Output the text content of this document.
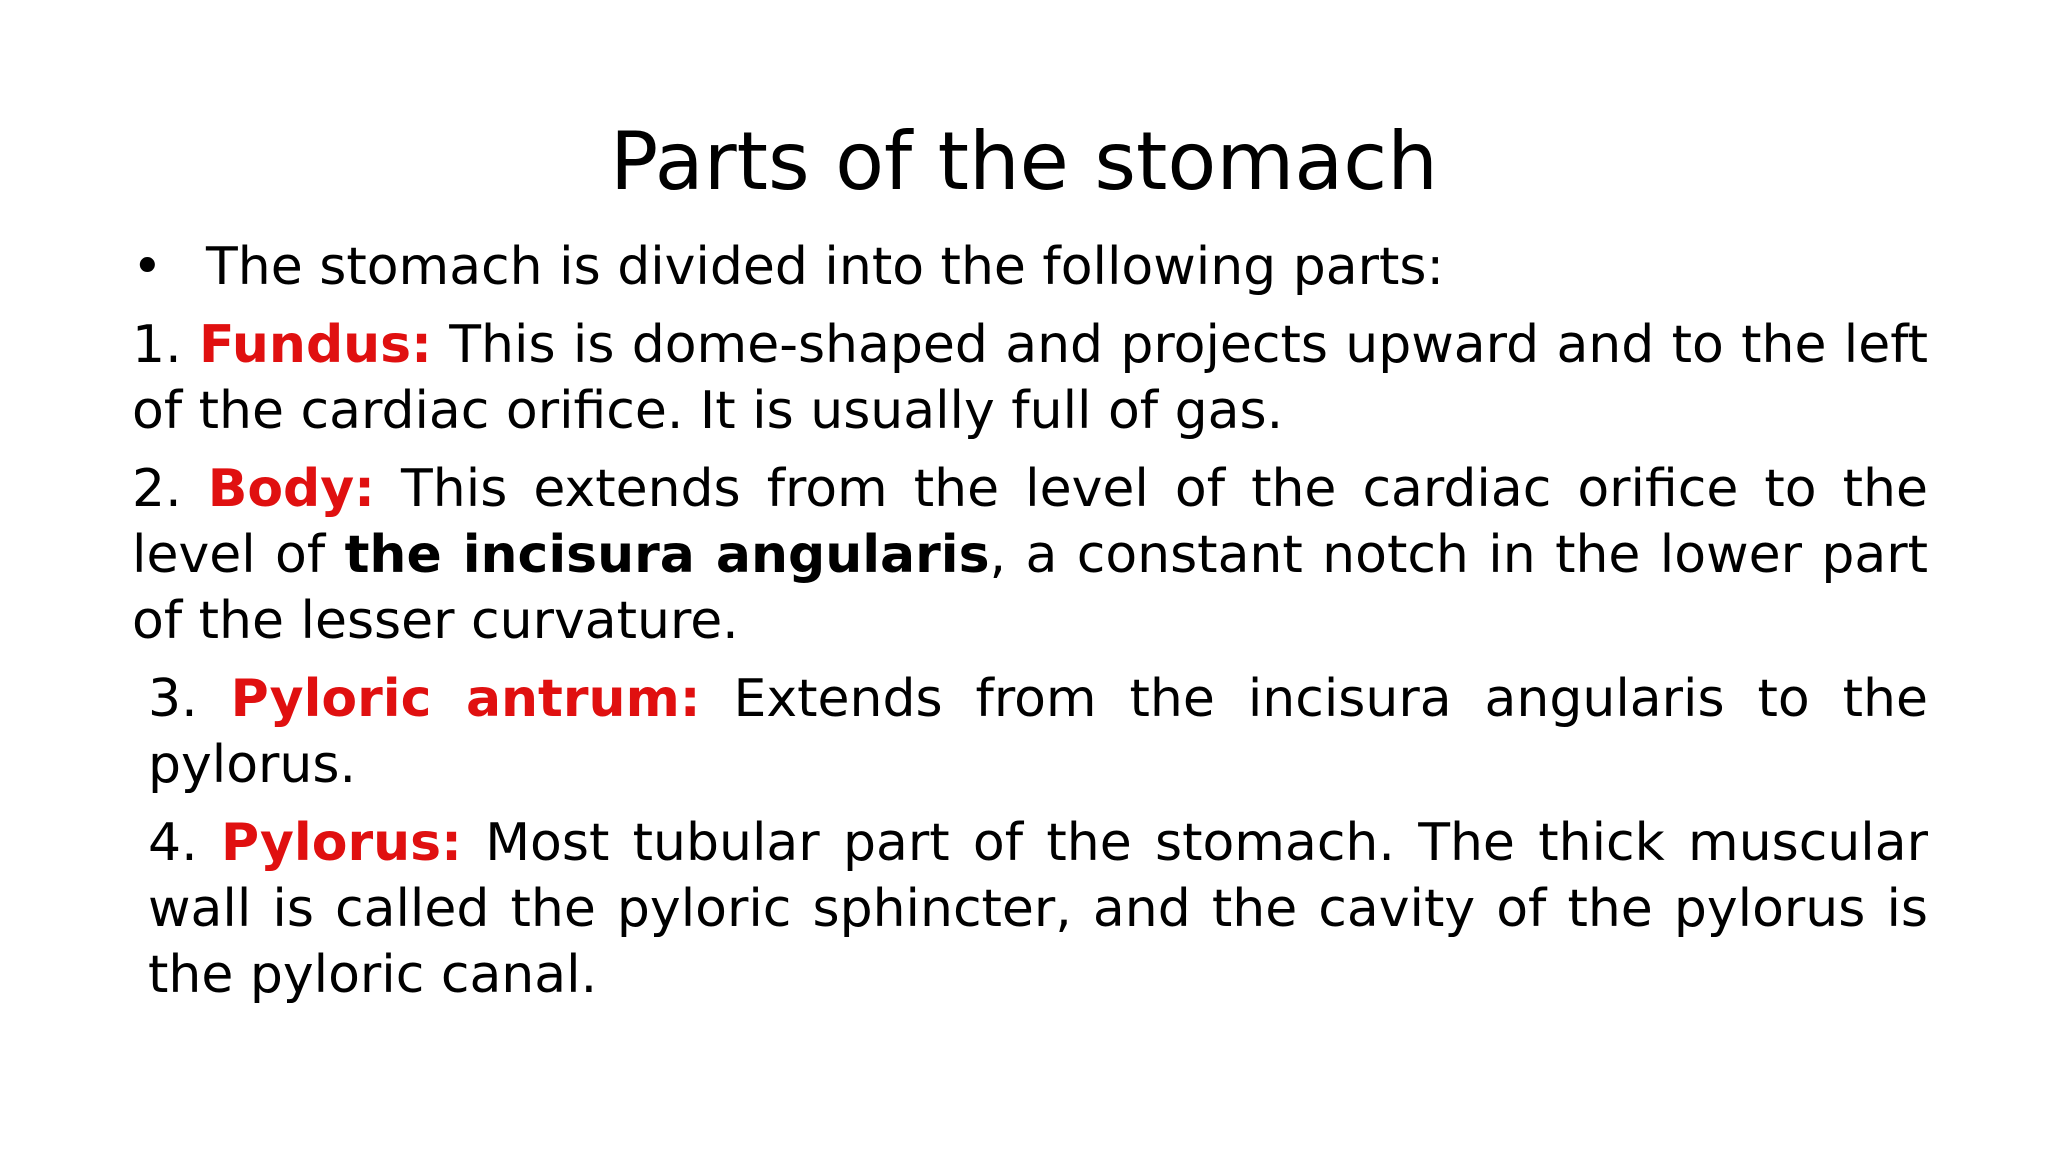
Parts of the stomach
• The stomach is divided into the following parts:
1. Fundus: This is dome-shaped and projects upward and to the left of the cardiac orifice. It is usually full of gas.
2. Body: This extends from the level of the cardiac orifice to the level of the incisura angularis, a constant notch in the lower part of the lesser curvature.
3. Pyloric antrum: Extends from the incisura angularis to the pylorus.
4. Pylorus: Most tubular part of the stomach. The thick muscular wall is called the pyloric sphincter, and the cavity of the pylorus is the pyloric canal.
